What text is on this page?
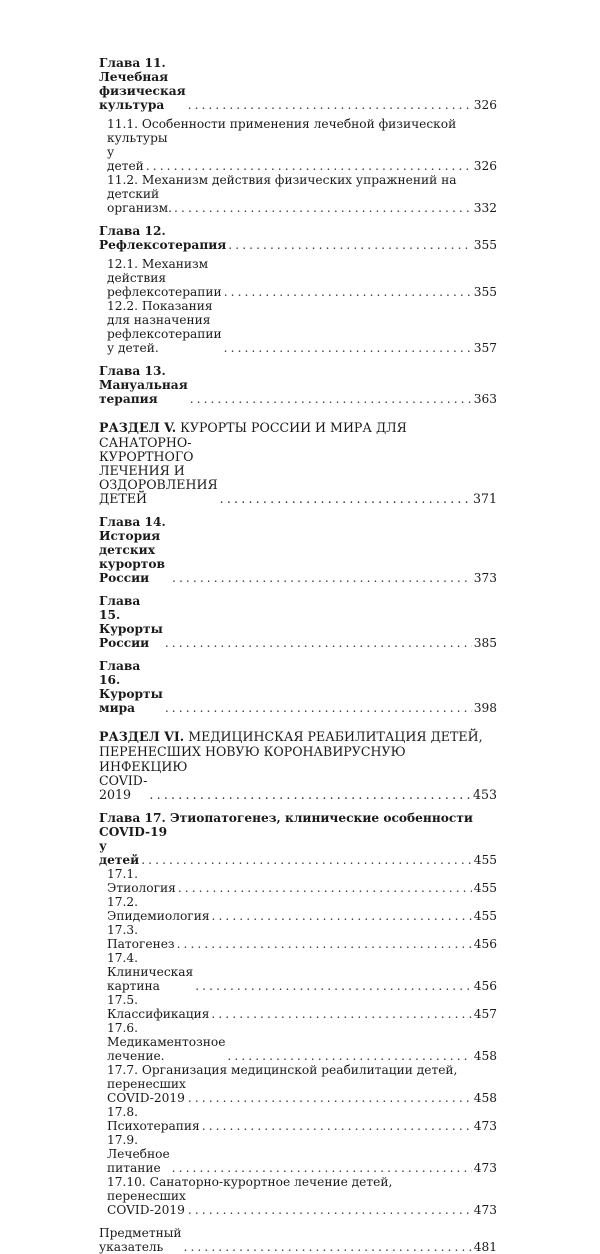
Глава 11. Лечебная физическая культура . . .	326
11.1. Особенности применения лечебной физической культуры
у детей . . .	326
11.2. Механизм действия физических упражнений на детский
организм. . . .	332
Глава 12. Рефлексотерапия . . .	355
12.1. Механизм действия рефлексотерапии . . .	355
12.2. Показания для назначения рефлексотерапии у детей. . . .	357
Глава 13. Мануальная терапия . . .	363
РАЗДЕЛ V. КУРОРТЫ РОССИИ И МИРА ДЛЯ САНАТОРНО-
КУРОРТНОГО ЛЕЧЕНИЯ И ОЗДОРОВЛЕНИЯ ДЕТЕЙ . . .	371
Глава 14. История детских курортов России . . .	373
Глава 15. Курорты России . . .	385
Глава 16. Курорты мира . . .	398
РАЗДЕЛ VI. МЕДИЦИНСКАЯ РЕАБИЛИТАЦИЯ ДЕТЕЙ,
ПЕРЕНЕСШИХ НОВУЮ КОРОНАВИРУСНУЮ ИНФЕКЦИЮ
COVID-2019 . . .	453
Глава 17. Этиопатогенез, клинические особенности COVID-19
у детей . . .	455
17.1. Этиология . . .	455
17.2. Эпидемиология . . .	455
17.3. Патогенез . . .	456
17.4. Клиническая картина . . .	456
17.5. Классификация . . .	457
17.6. Медикаментозное лечение. . . .	458
17.7. Организация медицинской реабилитации детей,
перенесших COVID-2019 . . .	458
17.8. Психотерапия . . .	473
17.9. Лечебное питание . . .	473
17.10. Санаторно-курортное лечение детей,
перенесших COVID-2019 . . .	473
Предметный указатель . . .	481
